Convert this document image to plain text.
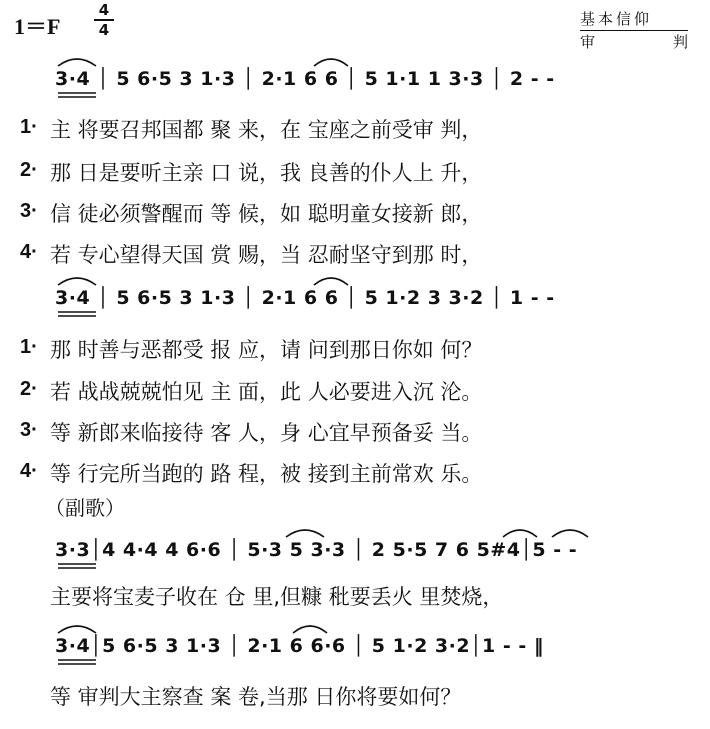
1＝F
4
4
基本信仰
审	判
3·4 │ 5 6·5 3 1·3 │ 2·1 6 6 │ 5 1·1 1 3·3 │ 2 - -
1· 主 将要召邦国都 聚 来，在 宝座之前受审 判，
2· 那 日是要听主亲 口 说，我 良善的仆人上 升，
3· 信 徒必须警醒而 等 候，如 聪明童女接新 郎，
4· 若 专心望得天国 赏 赐，当 忍耐坚守到那 时，
3·4 │ 5 6·5 3 1·3 │ 2·1 6 6 │ 5 1·2 3 3·2 │ 1 - -
1· 那 时善与恶都受 报 应，请 问到那日你如 何？
2· 若 战战兢兢怕见 主 面，此 人必要进入沉 沦。
3· 等 新郎来临接待 客 人，身 心宜早预备妥 当。
4· 等 行完所当跑的 路 程，被 接到主前常欢 乐。
（副歌）
3·3│4 4·4 4 6·6 │ 5·3 5 3·3 │ 2 5·5 7 6 5#4│5 - -
主要将宝麦子收在 仓 里,但糠 秕要丢火 里焚烧，
3·4│5 6·5 3 1·3 │ 2·1 6 6·6 │ 5 1·2 3·2│1 - - ‖
等 审判大主察查 案 卷,当那 日你将要如何？
